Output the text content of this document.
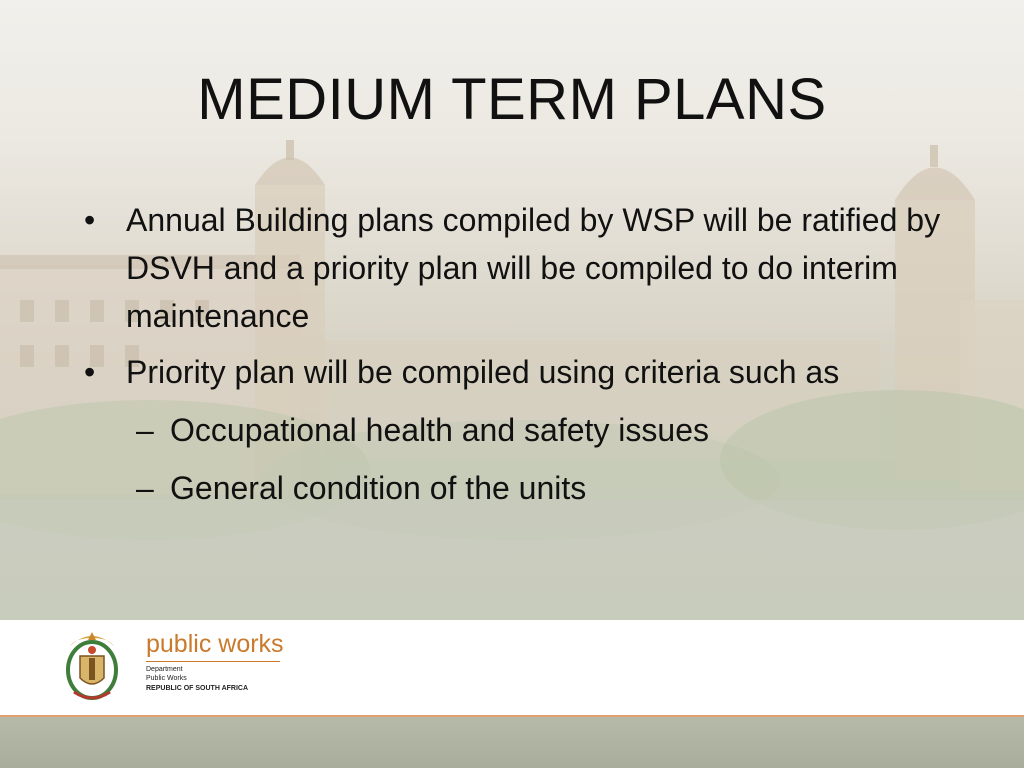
MEDIUM TERM PLANS
• Annual Building plans compiled by WSP will be ratified by DSVH and a priority plan will be compiled to do interim maintenance
• Priority plan will be compiled using criteria such as
– Occupational health and safety issues
– General condition of the units
public works
Department
Public Works
REPUBLIC OF SOUTH AFRICA
